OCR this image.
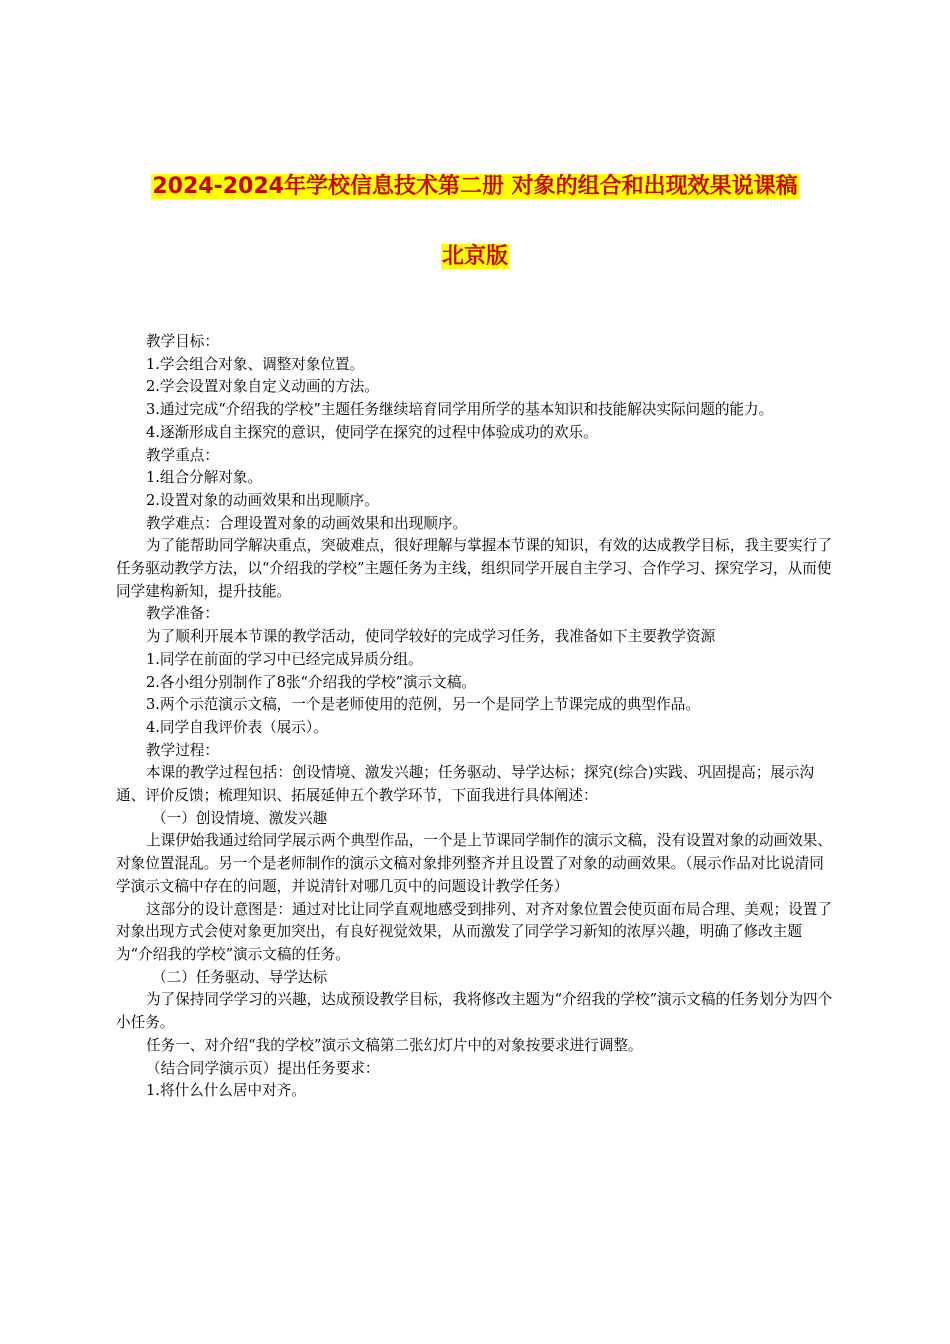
2024-2024年学校信息技术第二册 对象的组合和出现效果说课稿
北京版

教学目标：

1.学会组合对象、调整对象位置。

2.学会设置对象自定义动画的方法。

3.通过完成“介绍我的学校”主题任务继续培育同学用所学的基本知识和技能解决实际问题的能力。

4.逐渐形成自主探究的意识，使同学在探究的过程中体验成功的欢乐。

教学重点：

1.组合分解对象。

2.设置对象的动画效果和出现顺序。

教学难点：合理设置对象的动画效果和出现顺序。

为了能帮助同学解决重点，突破难点，很好理解与掌握本节课的知识，有效的达成教学目标，我主要实行了任务驱动教学方法，以“介绍我的学校”主题任务为主线，组织同学开展自主学习、合作学习、探究学习，从而使同学建构新知，提升技能。

教学准备：

为了顺利开展本节课的教学活动，使同学较好的完成学习任务，我准备如下主要教学资源

1.同学在前面的学习中已经完成异质分组。

2.各小组分别制作了8张“介绍我的学校”演示文稿。

3.两个示范演示文稿，一个是老师使用的范例，另一个是同学上节课完成的典型作品。

4.同学自我评价表（展示）。

教学过程：

本课的教学过程包括：创设情境、激发兴趣；任务驱动、导学达标；探究(综合)实践、巩固提高；展示沟通、评价反馈；梳理知识、拓展延伸五个教学环节，下面我进行具体阐述：

（一）创设情境、激发兴趣

上课伊始我通过给同学展示两个典型作品，一个是上节课同学制作的演示文稿，没有设置对象的动画效果、对象位置混乱。另一个是老师制作的演示文稿对象排列整齐并且设置了对象的动画效果。（展示作品对比说清同学演示文稿中存在的问题，并说清针对哪几页中的问题设计教学任务）

这部分的设计意图是：通过对比让同学直观地感受到排列、对齐对象位置会使页面布局合理、美观；设置了对象出现方式会使对象更加突出，有良好视觉效果，从而激发了同学学习新知的浓厚兴趣，明确了修改主题为“介绍我的学校”演示文稿的任务。

（二）任务驱动、导学达标

为了保持同学学习的兴趣，达成预设教学目标，我将修改主题为“介绍我的学校”演示文稿的任务划分为四个小任务。

任务一、对介绍“我的学校”演示文稿第二张幻灯片中的对象按要求进行调整。

（结合同学演示页）提出任务要求：

1.将什么什么居中对齐。
